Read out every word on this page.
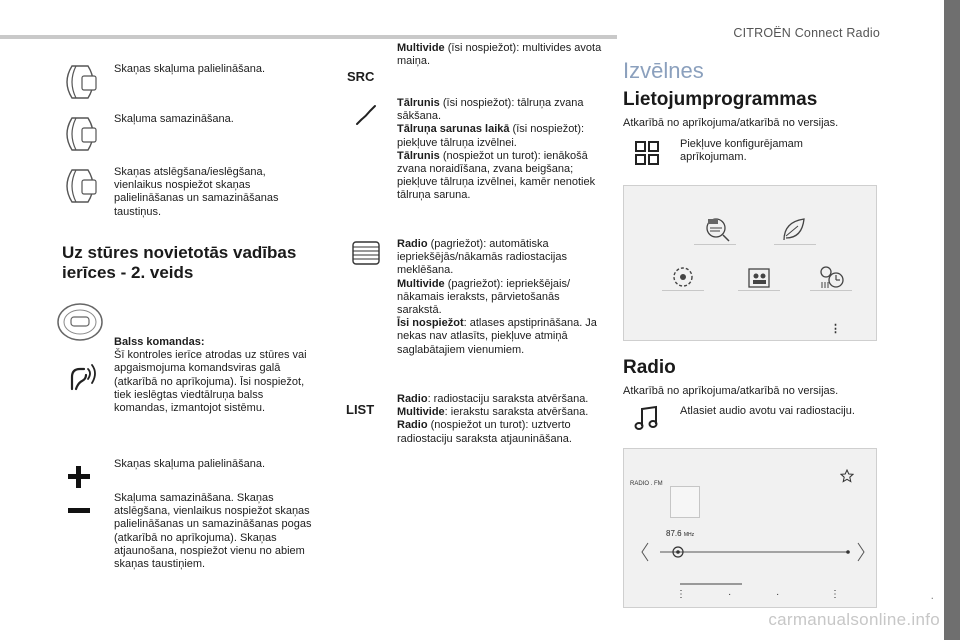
CITROËN Connect Radio
.
carmanualsonline.info
Skaņas skaļuma palielināšana.
Skaļuma samazināšana.
Skaņas atslēgšana/ieslēgšana, vienlaikus nospiežot skaņas palielināšanas un samazināšanas taustiņus.
Uz stūres novietotās vadības ierīces - 2. veids
Balss komandas:
Šī kontroles ierīce atrodas uz stūres vai apgaismojuma komandsviras galā (atkarībā no aprīkojuma). Īsi nospiežot, tiek ieslēgtas viedtālruņa balss komandas, izmantojot sistēmu.
Skaņas skaļuma palielināšana.
Skaļuma samazināšana. Skaņas atslēgšana, vienlaikus nospiežot skaņas palielināšanas un samazināšanas pogas (atkarībā no aprīkojuma). Skaņas atjaunošana, nospiežot vienu no abiem skaņas taustiņiem.
SRC
Multivide (īsi nospiežot): multivides avota maiņa.
Tālrunis (īsi nospiežot): tālruņa zvana sākšana.
Tālruņa sarunas laikā (īsi nospiežot): piekļuve tālruņa izvēlnei.
Tālrunis (nospiežot un turot): ienākošā zvana noraidīšana, zvana beigšana; piekļuve tālruņa izvēlnei, kamēr nenotiek tālruņa saruna.
Radio (pagriežot): automātiska iepriekšējās/nākamās radiostacijas meklēšana.
Multivide (pagriežot): iepriekšējais/ nākamais ieraksts, pārvietošanās sarakstā.
Īsi nospiežot: atlases apstiprināšana. Ja nekas nav atlasīts, piekļuve atmiņā saglabātajiem vienumiem.
LIST
Radio: radiostaciju saraksta atvēršana.
Multivide: ierakstu saraksta atvēršana.
Radio (nospiežot un turot): uztverto radiostaciju saraksta atjaunināšana.
Izvēlnes
Lietojumprogrammas
Atkarībā no aprīkojuma/atkarībā no versijas.
Piekļuve konfigurējamam aprīkojumam.
⋮
Radio
Atkarībā no aprīkojuma/atkarībā no versijas.
Atlasiet audio avotu vai radiostaciju.
RADIO . FM
87.6 MHz
⋮	·	·	⋮
